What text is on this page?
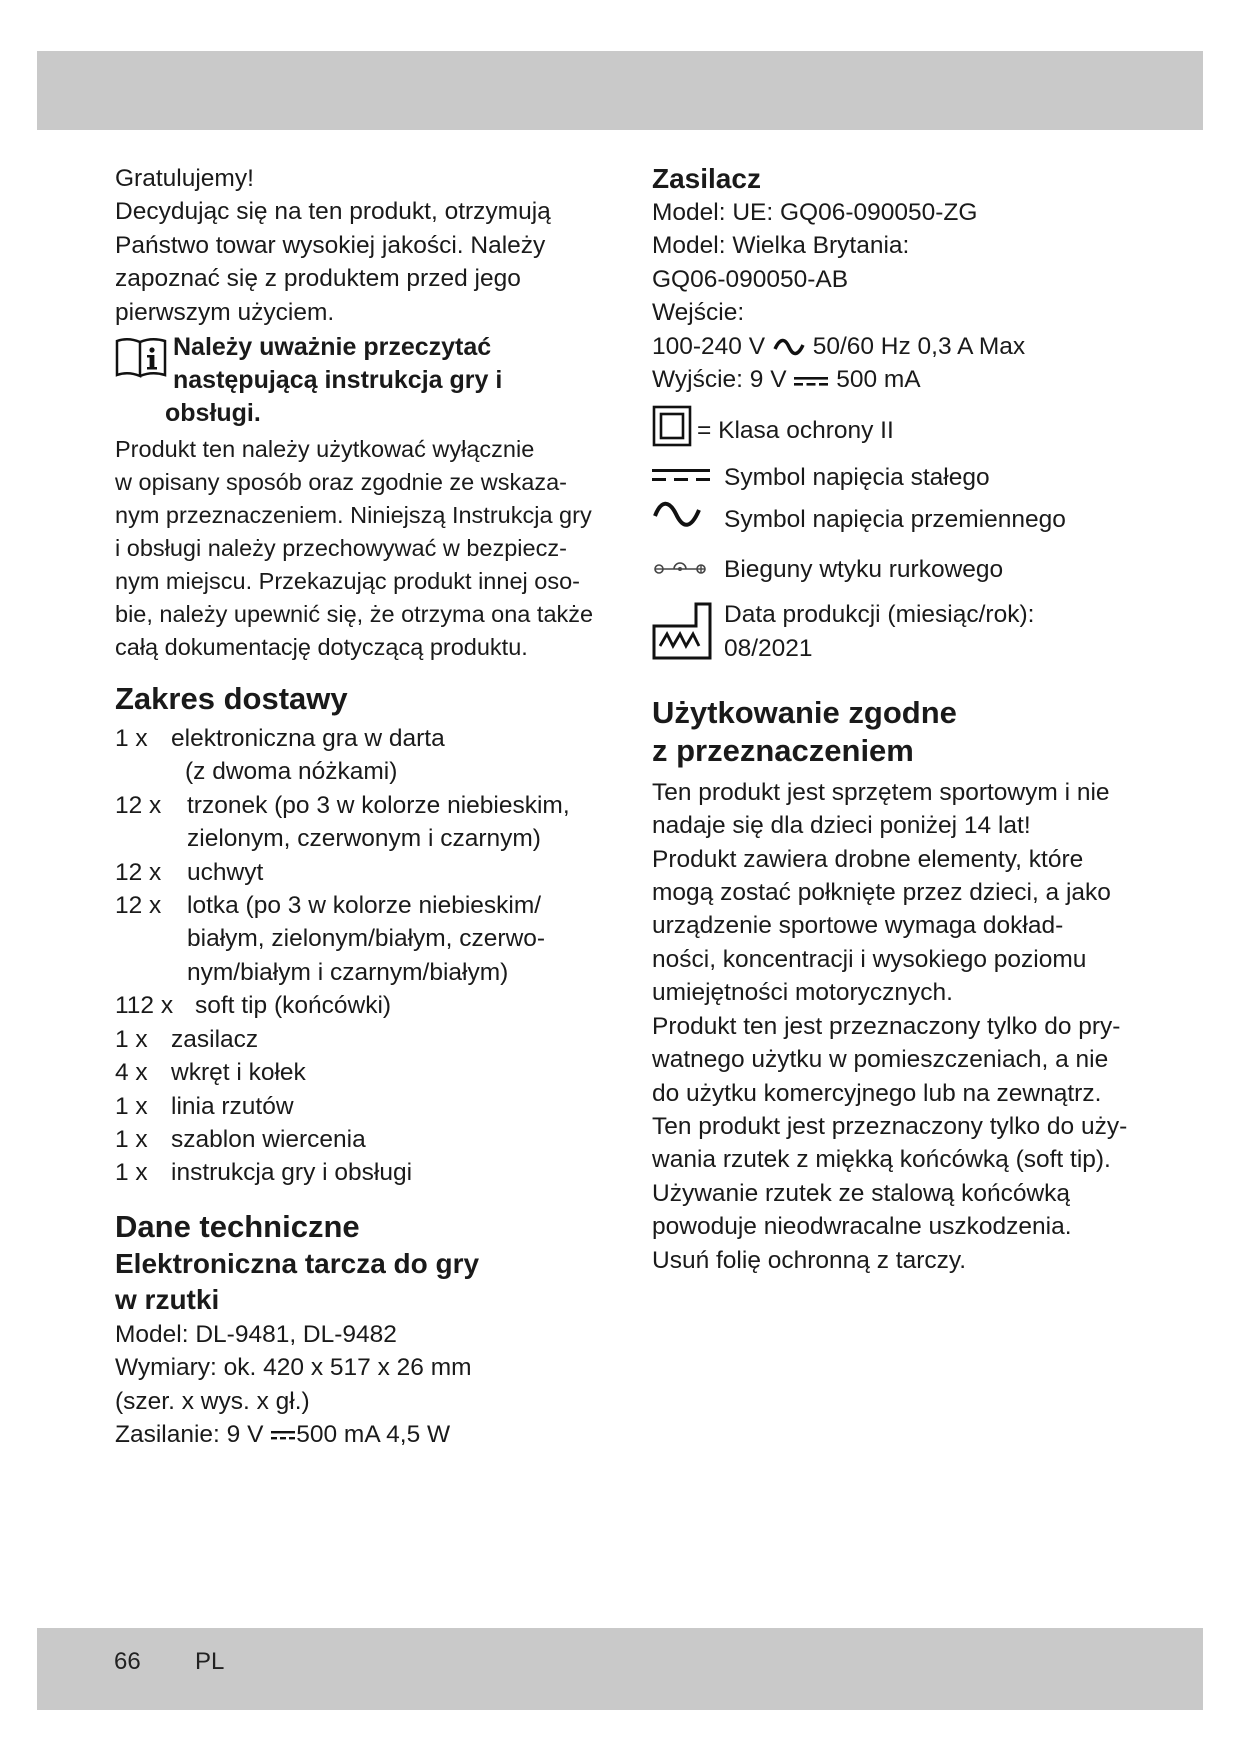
Gratulujemy!

Decydując się na ten produkt, otrzymują

Państwo towar wysokiej jakości. Należy

zapoznać się z produktem przed jego

pierwszym użyciem.

Należy uważnie przeczytać
następującą instrukcja gry i
obsługi.

Produkt ten należy użytkować wyłącznie

w opisany sposób oraz zgodnie ze wskaza-

nym przeznaczeniem. Niniejszą Instrukcja gry

i obsługi należy przechowywać w bezpiecz-

nym miejscu. Przekazując produkt innej oso-

bie, należy upewnić się, że otrzyma ona także

całą dokumentację dotyczącą produktu.

Zakres dostawy
1 x elektroniczna gra w darta
(z dwoma nóżkami)
12 x	trzonek (po 3 w kolorze niebieskim,
zielonym, czerwonym i czarnym)
12 x	uchwyt
12 x	lotka (po 3 w kolorze niebieskim/
białym, zielonym/białym, czerwo-
nym/białym i czarnym/białym)
112 x soft tip (końcówki)
1 x zasilacz
4 x wkręt i kołek
1 x linia rzutów
1 x szablon wiercenia
1 x instrukcja gry i obsługi
Dane techniczne
Elektroniczna tarcza do gry
w rzutki

Model: DL-9481, DL-9482

Wymiary: ok. 420 x 517 x 26 mm

(szer. x wys. x gł.)

Zasilanie: 9 V 500 mA 4,5 W

Zasilacz

Model: UE: GQ06-090050-ZG

Model: Wielka Brytania:

GQ06-090050-AB

Wejście:

100-240 V 50/60 Hz 0,3 A Max

Wyjście: 9 V 500 mA

= Klasa ochrony II
Symbol napięcia stałego
Symbol napięcia przemiennego
Bieguny wtyku rurkowego
Data produkcji (miesiąc/rok):
08/2021
Użytkowanie zgodne
z przeznaczeniem

Ten produkt jest sprzętem sportowym i nie

nadaje się dla dzieci poniżej 14 lat!

Produkt zawiera drobne elementy, które

mogą zostać połknięte przez dzieci, a jako

urządzenie sportowe wymaga dokład-

ności, koncentracji i wysokiego poziomu

umiejętności motorycznych.

Produkt ten jest przeznaczony tylko do pry-

watnego użytku w pomieszczeniach, a nie

do użytku komercyjnego lub na zewnątrz.

Ten produkt jest przeznaczony tylko do uży-

wania rzutek z miękką końcówką (soft tip).

Używanie rzutek ze stalową końcówką

powoduje nieodwracalne uszkodzenia.

Usuń folię ochronną z tarczy.

66 PL
